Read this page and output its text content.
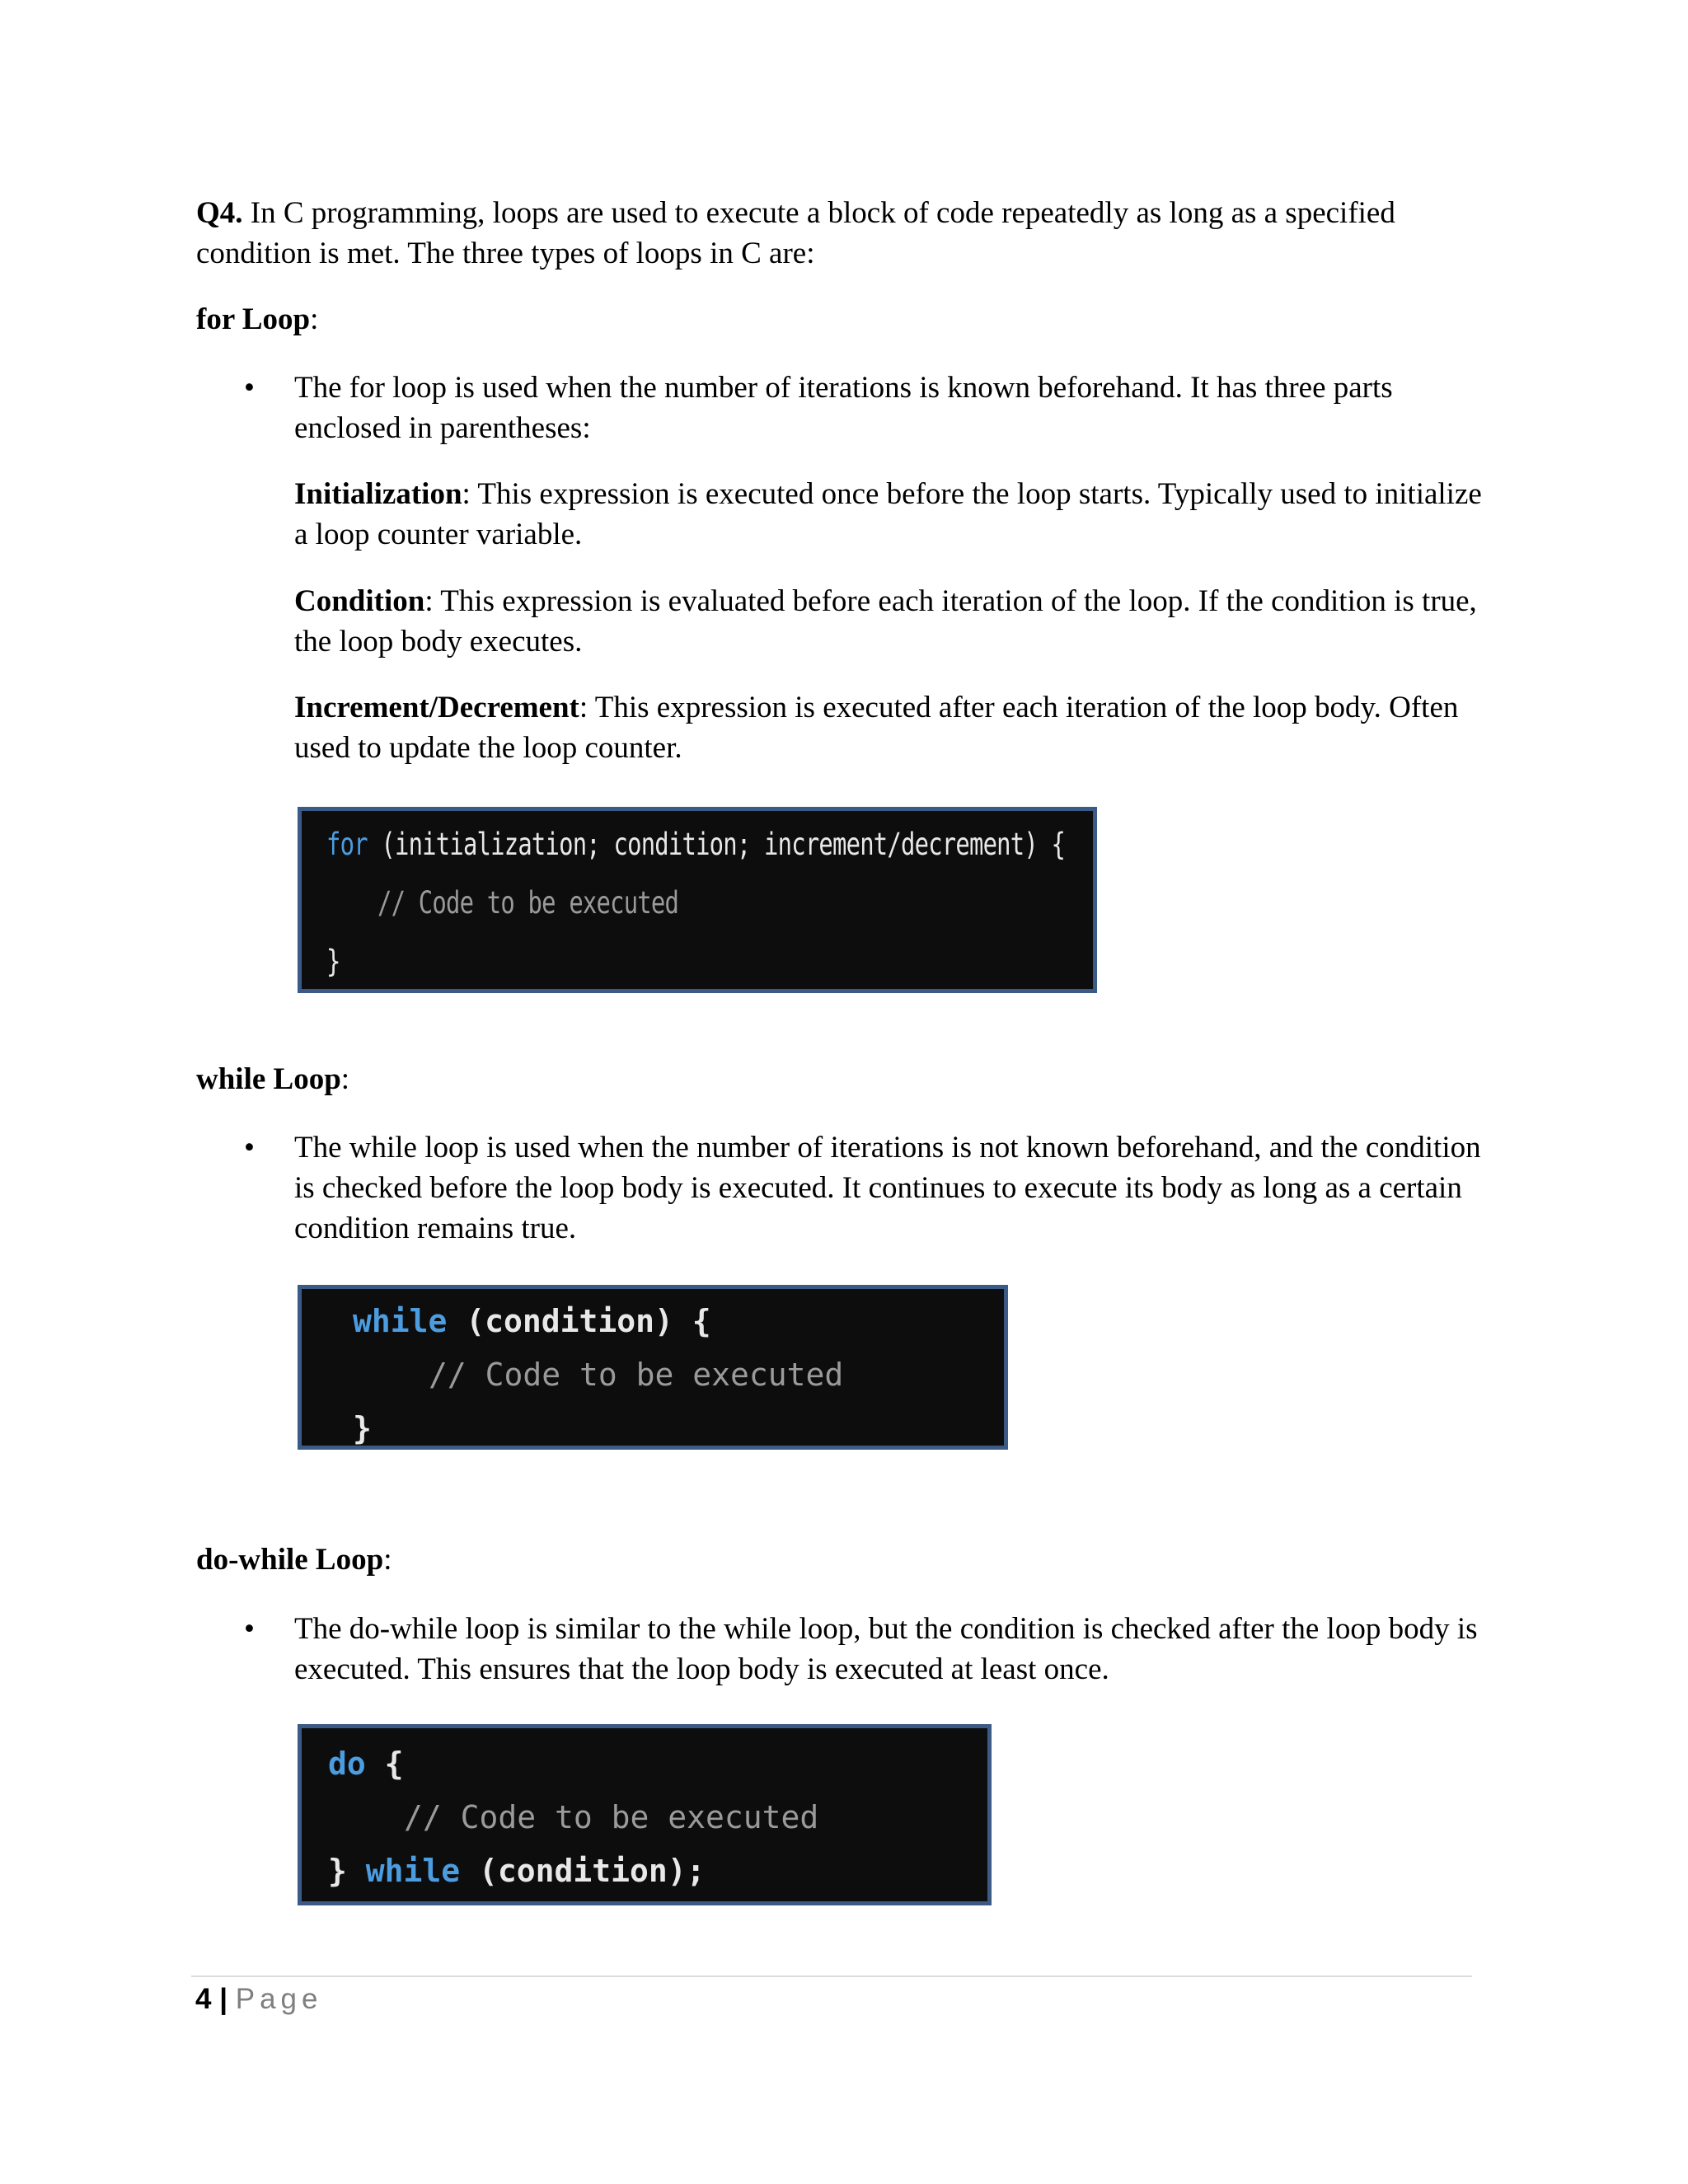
Q4. In C programming, loops are used to execute a block of code repeatedly as long as a specified

condition is met. The three types of loops in C are:

for Loop:

• The for loop is used when the number of iterations is known beforehand. It has three parts

enclosed in parentheses:

Initialization: This expression is executed once before the loop starts. Typically used to initialize

a loop counter variable.

Condition: This expression is evaluated before each iteration of the loop. If the condition is true,

the loop body executes.

Increment/Decrement: This expression is executed after each iteration of the loop body. Often

used to update the loop counter.

for (initialization; condition; increment/decrement) {
// Code to be executed
}

while Loop:

• The while loop is used when the number of iterations is not known beforehand, and the condition

is checked before the loop body is executed. It continues to execute its body as long as a certain

condition remains true.

while (condition) {
// Code to be executed
}

do-while Loop:

• The do-while loop is similar to the while loop, but the condition is checked after the loop body is

executed. This ensures that the loop body is executed at least once.

do {
// Code to be executed
} while (condition);
4 | Page
